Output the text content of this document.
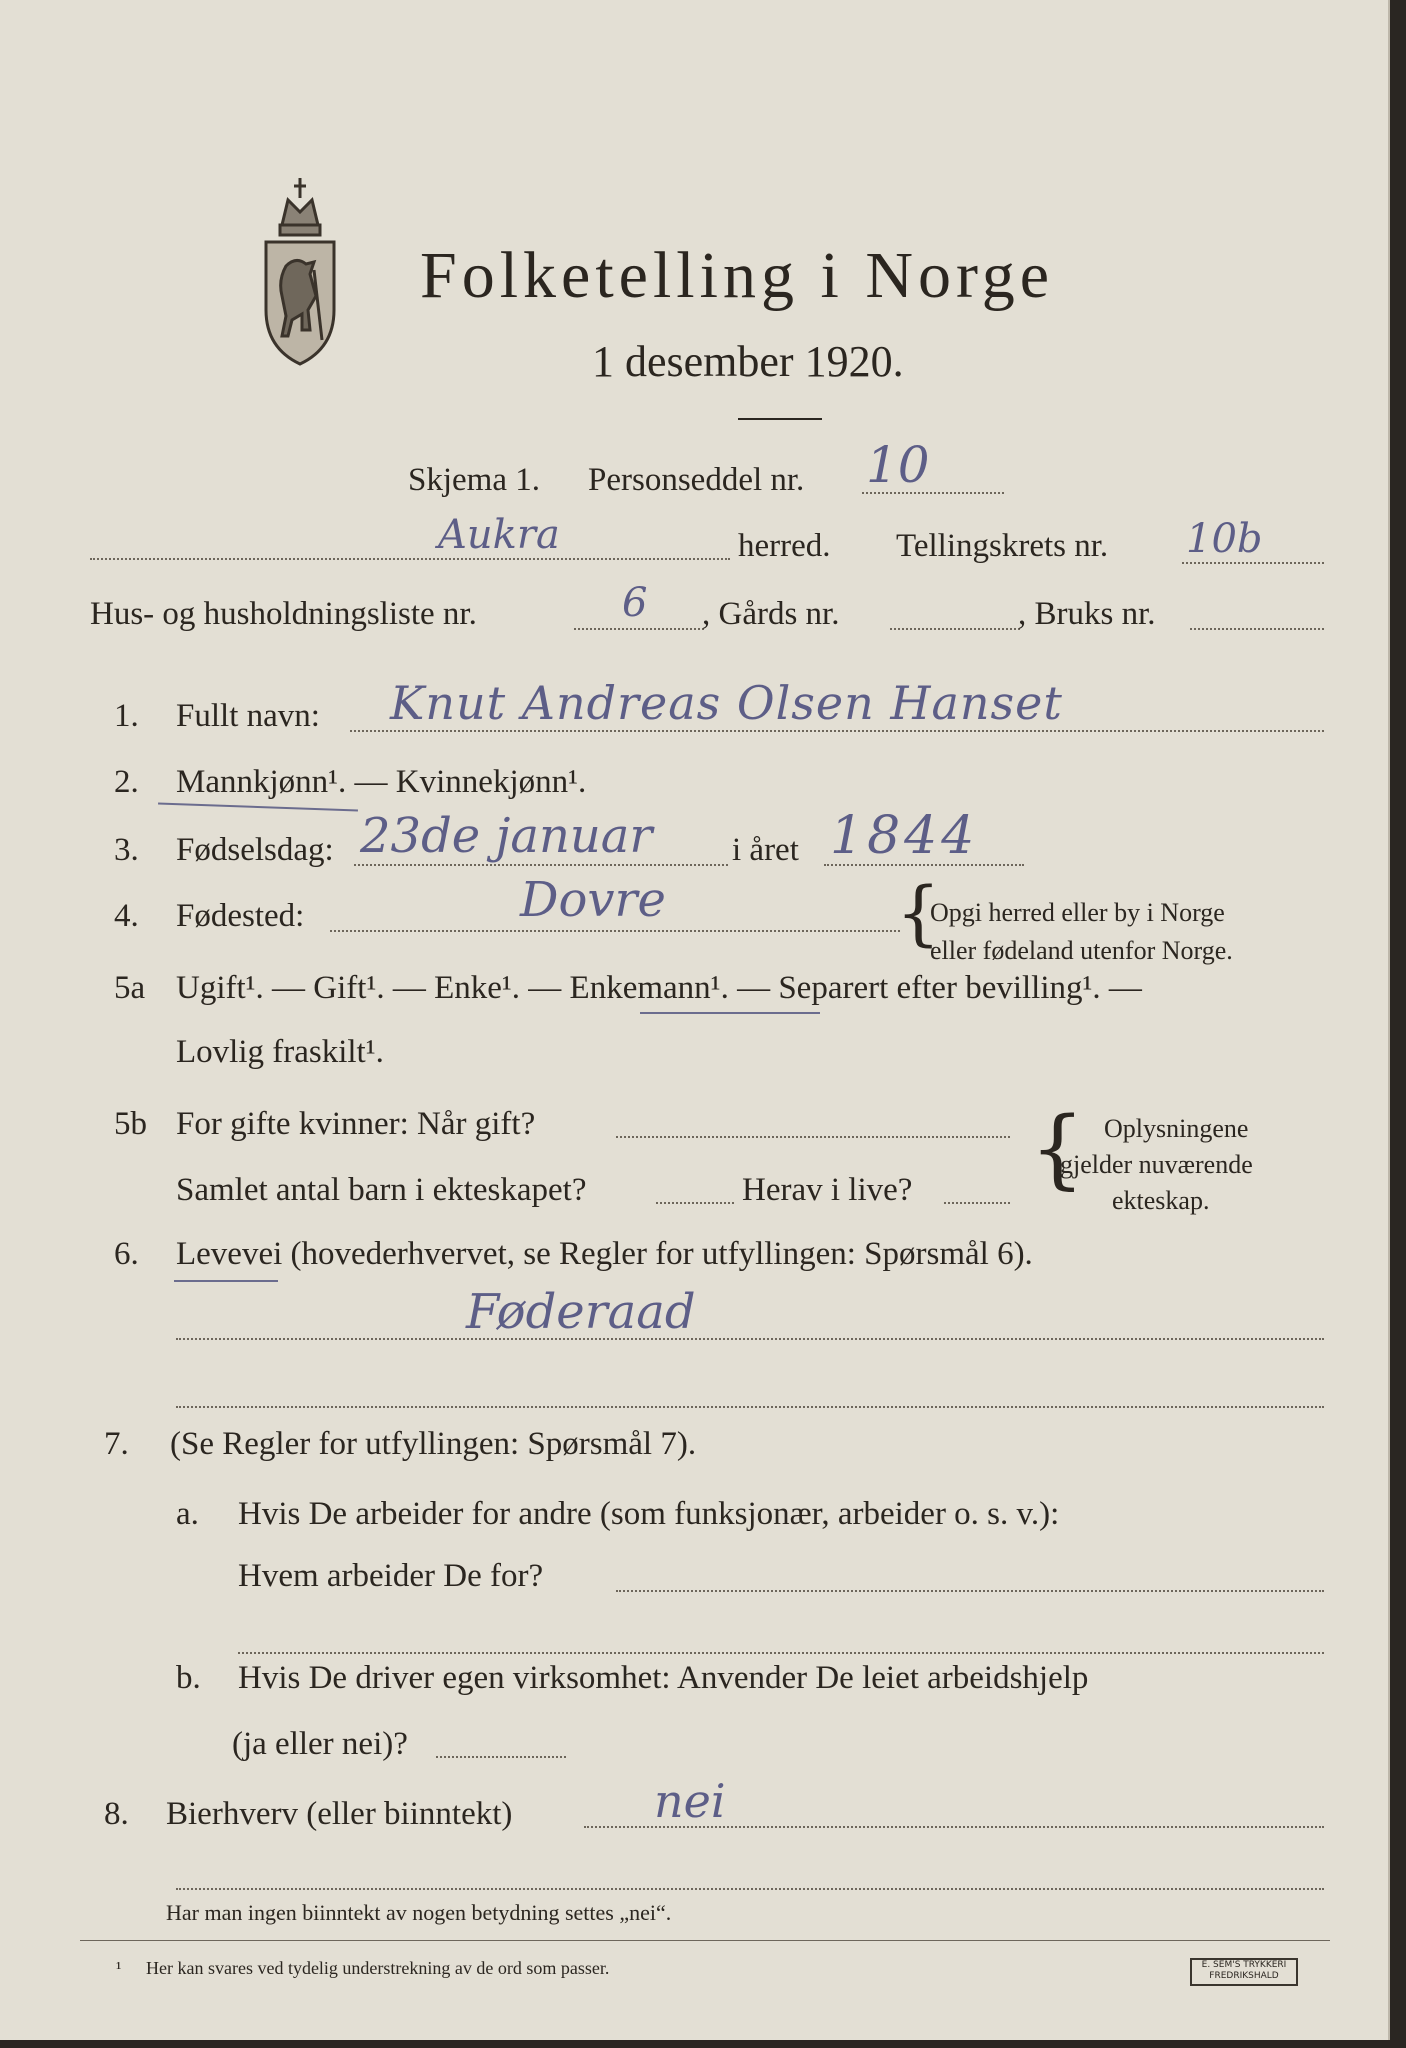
Folketelling i Norge
1 desember 1920.
Skjema 1. Personseddel nr. 10
Aukra	herred. Tellingskrets nr. 10b
Hus- og husholdningsliste nr.	6 , Gårds nr.	, Bruks nr.
1. Fullt navn: Knut Andreas Olsen Hanset
2. Mannkjønn¹. — Kvinnekjønn¹.
3. Fødselsdag: 23de januar i året 1844
4. Fødested:	Dovre	{
Opgi herred eller by i Norge
eller fødeland utenfor Norge.
5a Ugift¹. — Gift¹. — Enke¹. — Enkemann¹. — Separert efter bevilling¹. —
Lovlig fraskilt¹.
5b For gifte kvinner: Når gift?
Samlet antal barn i ekteskapet?	Herav i live? { Oplysningene
gjelder nuværende
ekteskap.
6. Levevei (hovederhvervet, se Regler for utfyllingen: Spørsmål 6).
Føderaad
7. (Se Regler for utfyllingen: Spørsmål 7).
a. Hvis De arbeider for andre (som funksjonær, arbeider o. s. v.):
Hvem arbeider De for?
b. Hvis De driver egen virksomhet: Anvender De leiet arbeidshjelp
(ja eller nei)?
8. Bierhverv (eller biinntekt)	nei
Har man ingen biinntekt av nogen betydning settes „nei“.
¹ Her kan svares ved tydelig understrekning av de ord som passer.	E. SEM'S TRYKKERI
FREDRIKSHALD
